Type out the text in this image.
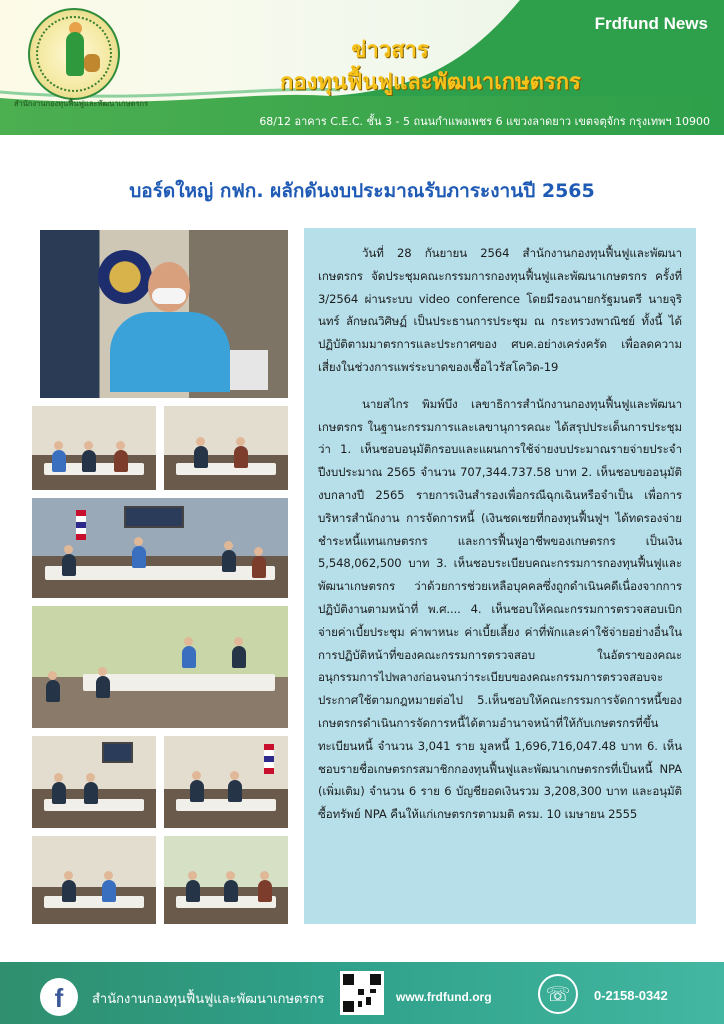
สำนักงานกองทุนฟื้นฟูและพัฒนาเกษตรกร
Frdfund News
ข่าวสาร
กองทุนฟื้นฟูและพัฒนาเกษตรกร
68/12 อาคาร C.E.C. ชั้น 3 - 5 ถนนกำแพงเพชร 6 แขวงลาดยาว เขตจตุจักร กรุงเทพฯ 10900
บอร์ดใหญ่ กฟก. ผลักดันงบประมาณรับภาระงานปี 2565

วันที่ 28 กันยายน 2564 สำนักงานกองทุนฟื้นฟูและพัฒนาเกษตรกร จัดประชุมคณะกรรมการกองทุนฟื้นฟูและพัฒนาเกษตรกร ครั้งที่ 3/2564 ผ่านระบบ video conference โดยมีรองนายกรัฐมนตรี นายจุรินทร์ ลักษณวิศิษฏ์ เป็นประธานการประชุม ณ กระทรวงพาณิชย์ ทั้งนี้ ได้ปฏิบัติตามมาตรการและประกาศของ ศบค.อย่างเคร่งครัด เพื่อลดความเสี่ยงในช่วงการแพร่ระบาดของเชื้อไวรัสโควิด-19

นายสไกร พิมพ์บึง เลขาธิการสำนักงานกองทุนฟื้นฟูและพัฒนาเกษตรกร ในฐานะกรรมการและเลขานุการคณะ ได้สรุปประเด็นการประชุมว่า 1. เห็นชอบอนุมัติกรอบและแผนการใช้จ่ายงบประมาณรายจ่ายประจำปีงบประมาณ 2565 จำนวน 707,344.737.58 บาท 2. เห็นชอบขออนุมัติงบกลางปี 2565 รายการเงินสำรองเพื่อกรณีฉุกเฉินหรือจำเป็น เพื่อการบริหารสำนักงาน การจัดการหนี้ (เงินชดเชยที่กองทุนฟื้นฟูฯ ได้ทดรองจ่ายชำระหนี้แทนเกษตรกร และการฟื้นฟูอาชีพของเกษตรกร เป็นเงิน 5,548,062,500 บาท 3. เห็นชอบระเบียบคณะกรรมการกองทุนฟื้นฟูและพัฒนาเกษตรกร ว่าด้วยการช่วยเหลือบุคคลซึ่งถูกดำเนินคดีเนื่องจากการปฏิบัติงานตามหน้าที่ พ.ศ.... 4. เห็นชอบให้คณะกรรมการตรวจสอบเบิกจ่ายค่าเบี้ยประชุม ค่าพาหนะ ค่าเบี้ยเลี้ยง ค่าที่พักและค่าใช้จ่ายอย่างอื่นในการปฏิบัติหน้าที่ของคณะกรรมการตรวจสอบ ในอัตราของคณะอนุกรรมการไปพลางก่อนจนกว่าระเบียบของคณะกรรมการตรวจสอบจะประกาศใช้ตามกฎหมายต่อไป 5.เห็นชอบให้คณะกรรมการจัดการหนี้ของเกษตรกรดำเนินการจัดการหนี้ได้ตามอำนาจหน้าที่ให้กับเกษตรกรที่ขึ้นทะเบียนหนี้ จำนวน 3,041 ราย มูลหนี้ 1,696,716,047.48 บาท 6. เห็นชอบรายชื่อเกษตรกรสมาชิกกองทุนฟื้นฟูและพัฒนาเกษตรกรที่เป็นหนี้ NPA (เพิ่มเติม) จำนวน 6 ราย 6 บัญชียอดเงินรวม 3,208,300 บาท และอนุมัติซื้อทรัพย์ NPA คืนให้แก่เกษตรกรตามมติ ครม. 10 เมษายน 2555

f	สำนักงานกองทุนฟื้นฟูและพัฒนาเกษตรกร	www.frdfund.org	☏	0-2158-0342
